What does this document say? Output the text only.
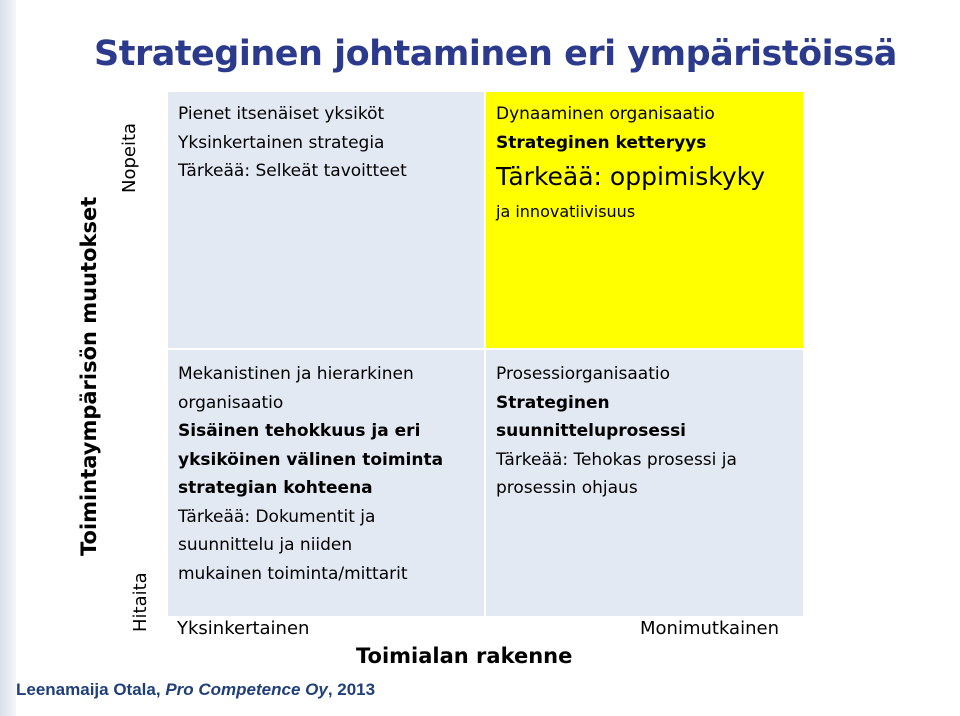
Strateginen johtaminen eri ympäristöissä
Toimintaympärisön muutokset
Hitaita
Nopeita
Pienet itsenäiset yksiköt
Yksinkertainen strategia
Tärkeää: Selkeät tavoitteet
Dynaaminen organisaatio
Strateginen ketteryys
Tärkeää: oppimiskyky
ja innovatiivisuus
Mekanistinen ja hierarkinen
organisaatio
Sisäinen tehokkuus ja eri
yksiköinen välinen toiminta
strategian kohteena
Tärkeää: Dokumentit ja
suunnittelu ja niiden
mukainen toiminta/mittarit
Prosessiorganisaatio
Strateginen
suunnitteluprosessi
Tärkeää: Tehokas prosessi ja
prosessin ohjaus
Yksinkertainen	Monimutkainen
Toimialan rakenne
Leenamaija Otala, Pro Competence Oy, 2013
